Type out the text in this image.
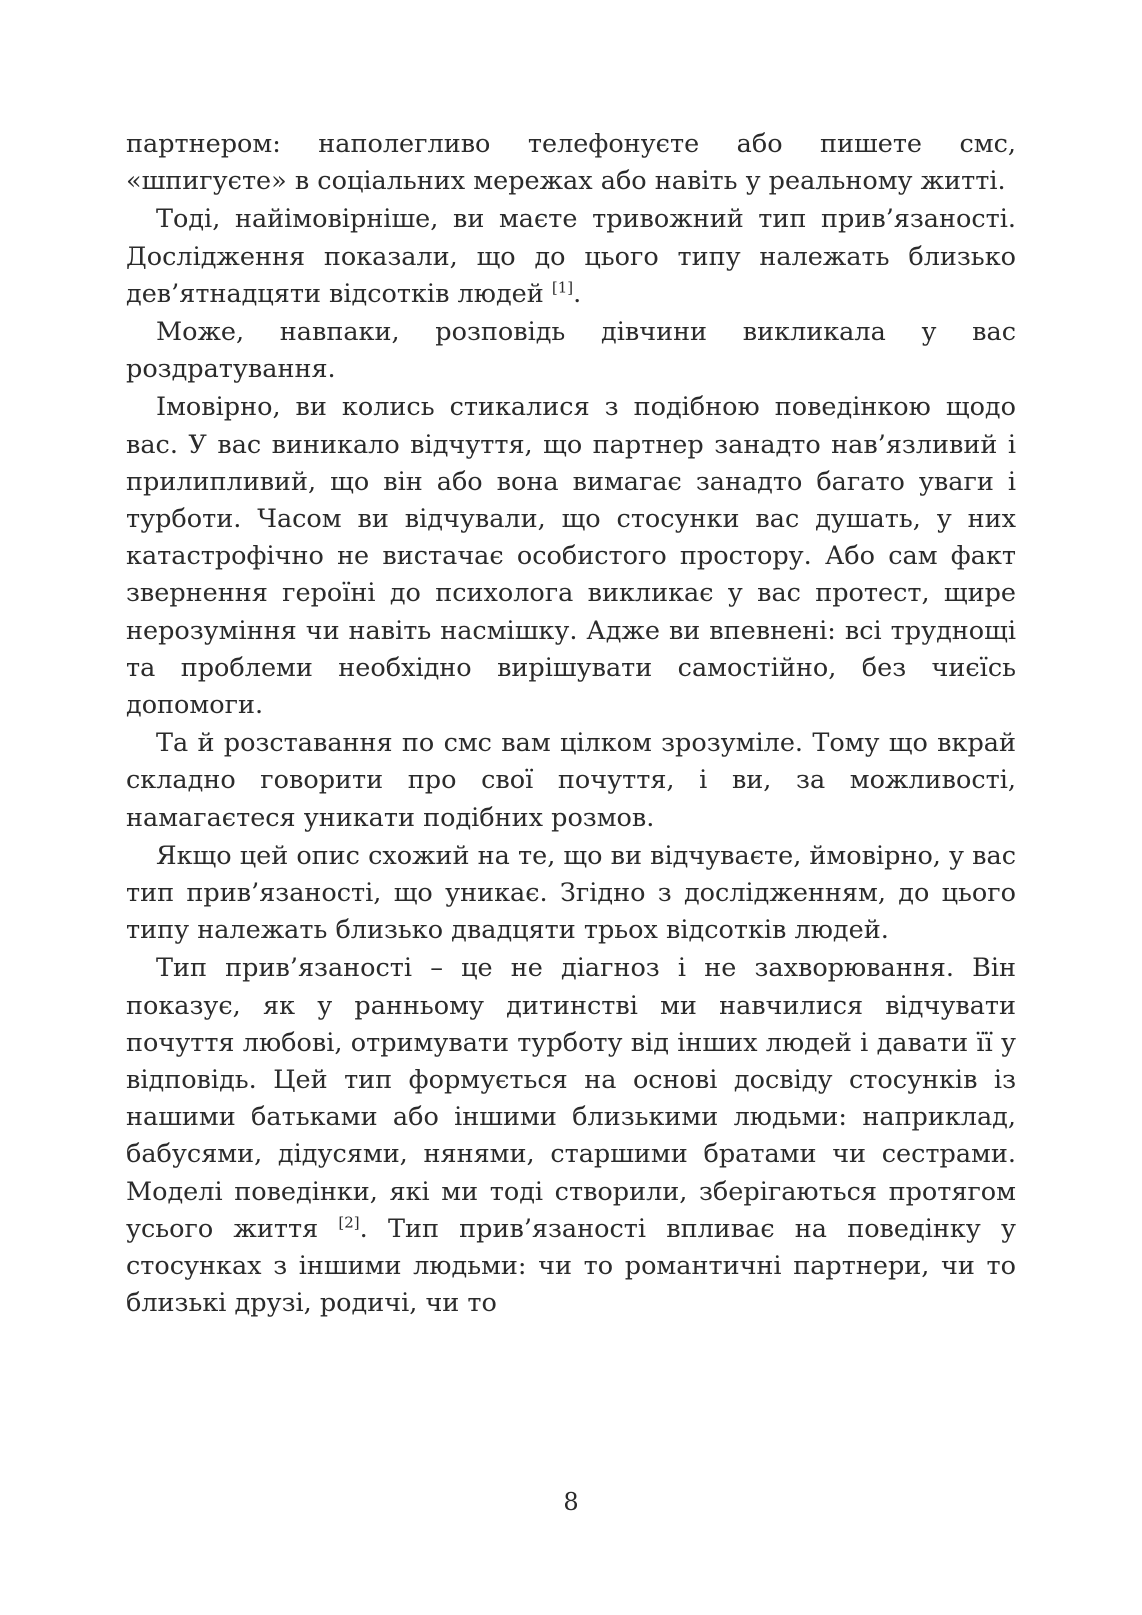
партнером: наполегливо телефонуєте або пишете смс, «шпигуєте» в соціальних мережах або навіть у реальному житті.

Тоді, найімовірніше, ви маєте тривожний тип прив’язаності. Дослідження показали, що до цього типу належать близько дев’ятнадцяти відсотків людей [1].

Може, навпаки, розповідь дівчини викликала у вас роздратування.

Імовірно, ви колись стикалися з подібною поведінкою щодо вас. У вас виникало відчуття, що партнер занадто нав’язливий і прилипливий, що він або вона вимагає занадто багато уваги і турботи. Часом ви відчували, що стосунки вас душать, у них катастрофічно не вистачає особистого простору. Або сам факт звернення героїні до психолога викликає у вас протест, щире нерозуміння чи навіть насмішку. Адже ви впевнені: всі труднощі та проблеми необхідно вирішувати самостійно, без чиєїсь допомоги.

Та й розставання по смс вам цілком зрозуміле. Тому що вкрай складно говорити про свої почуття, і ви, за можливості, намагаєтеся уникати подібних розмов.

Якщо цей опис схожий на те, що ви відчуваєте, ймовірно, у вас тип прив’язаності, що уникає. Згідно з дослідженням, до цього типу належать близько двадцяти трьох відсотків людей.

Тип прив’язаності – це не діагноз і не захворювання. Він показує, як у ранньому дитинстві ми навчилися відчувати почуття любові, отримувати турботу від інших людей і давати її у відповідь. Цей тип формується на основі досвіду стосунків із нашими батьками або іншими близькими людьми: наприклад, бабусями, дідусями, нянями, старшими братами чи сестрами. Моделі поведінки, які ми тоді створили, зберігаються протягом усього життя [2]. Тип прив’язаності впливає на поведінку у стосунках з іншими людьми: чи то романтичні партнери, чи то близькі друзі, родичі, чи то

8
